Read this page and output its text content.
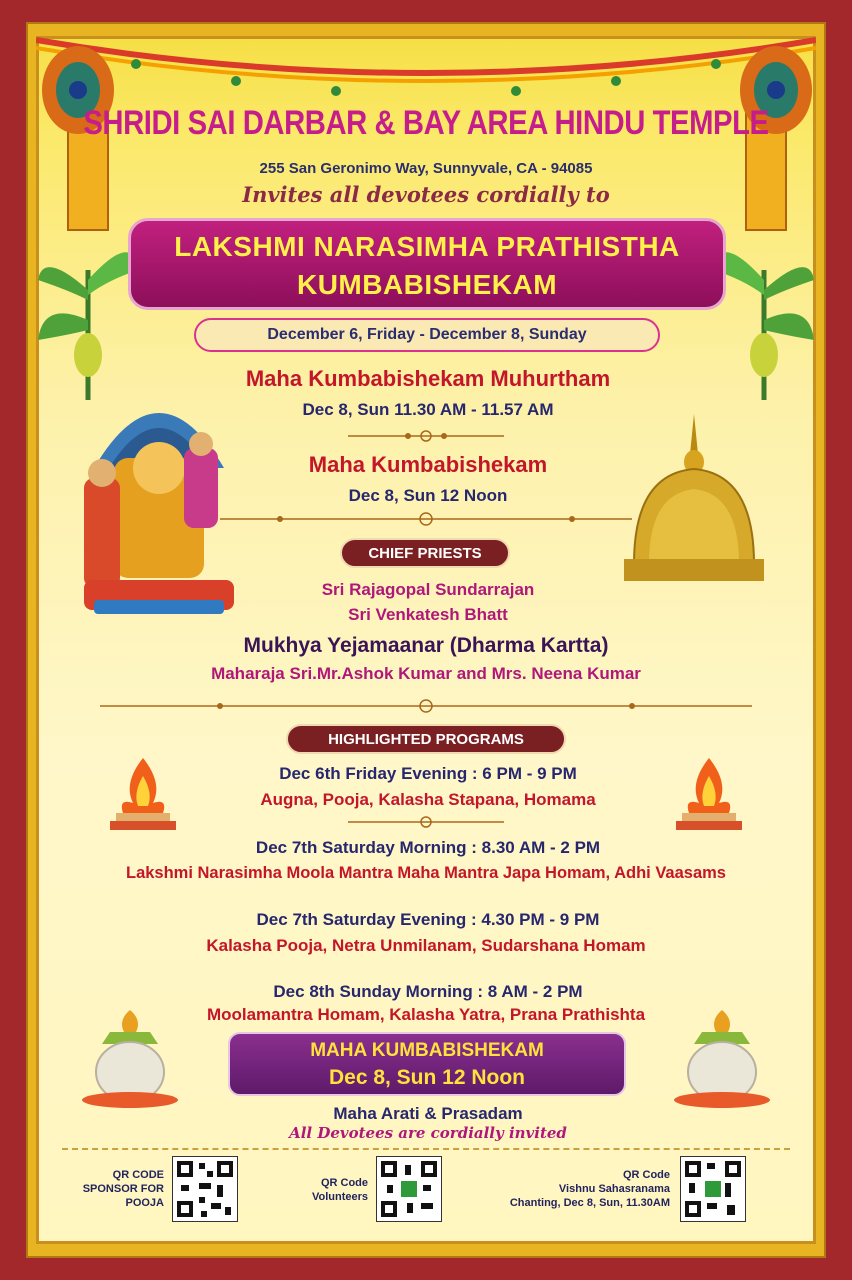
SHRIDI SAI DARBAR & BAY AREA HINDU TEMPLE
255 San Geronimo Way, Sunnyvale, CA - 94085
Invites all devotees cordially to
LAKSHMI NARASIMHA PRATHISTHA
KUMBABISHEKAM
December 6, Friday - December 8, Sunday
Maha Kumbabishekam Muhurtham
Dec 8, Sun 11.30 AM - 11.57 AM
Maha Kumbabishekam
Dec 8, Sun 12 Noon
CHIEF PRIESTS
Sri Rajagopal Sundarrajan
Sri Venkatesh Bhatt
Mukhya Yejamaanar (Dharma Kartta)
Maharaja Sri.Mr.Ashok Kumar and Mrs. Neena Kumar
HIGHLIGHTED PROGRAMS
Dec 6th Friday Evening : 6 PM - 9 PM
Augna, Pooja, Kalasha Stapana, Homama
Dec 7th Saturday Morning : 8.30 AM - 2 PM
Lakshmi Narasimha Moola Mantra Maha Mantra Japa Homam, Adhi Vaasams
Dec 7th Saturday Evening : 4.30 PM - 9 PM
Kalasha Pooja, Netra Unmilanam, Sudarshana Homam
Dec 8th Sunday Morning : 8 AM - 2 PM
Moolamantra Homam, Kalasha Yatra, Prana Prathishta
MAHA KUMBABISHEKAM
Dec 8, Sun 12 Noon
Maha Arati & Prasadam
All Devotees are cordially invited
QR CODE
SPONSOR FOR
POOJA
QR Code
Volunteers
QR Code
Vishnu Sahasranama
Chanting, Dec 8, Sun, 11.30AM
